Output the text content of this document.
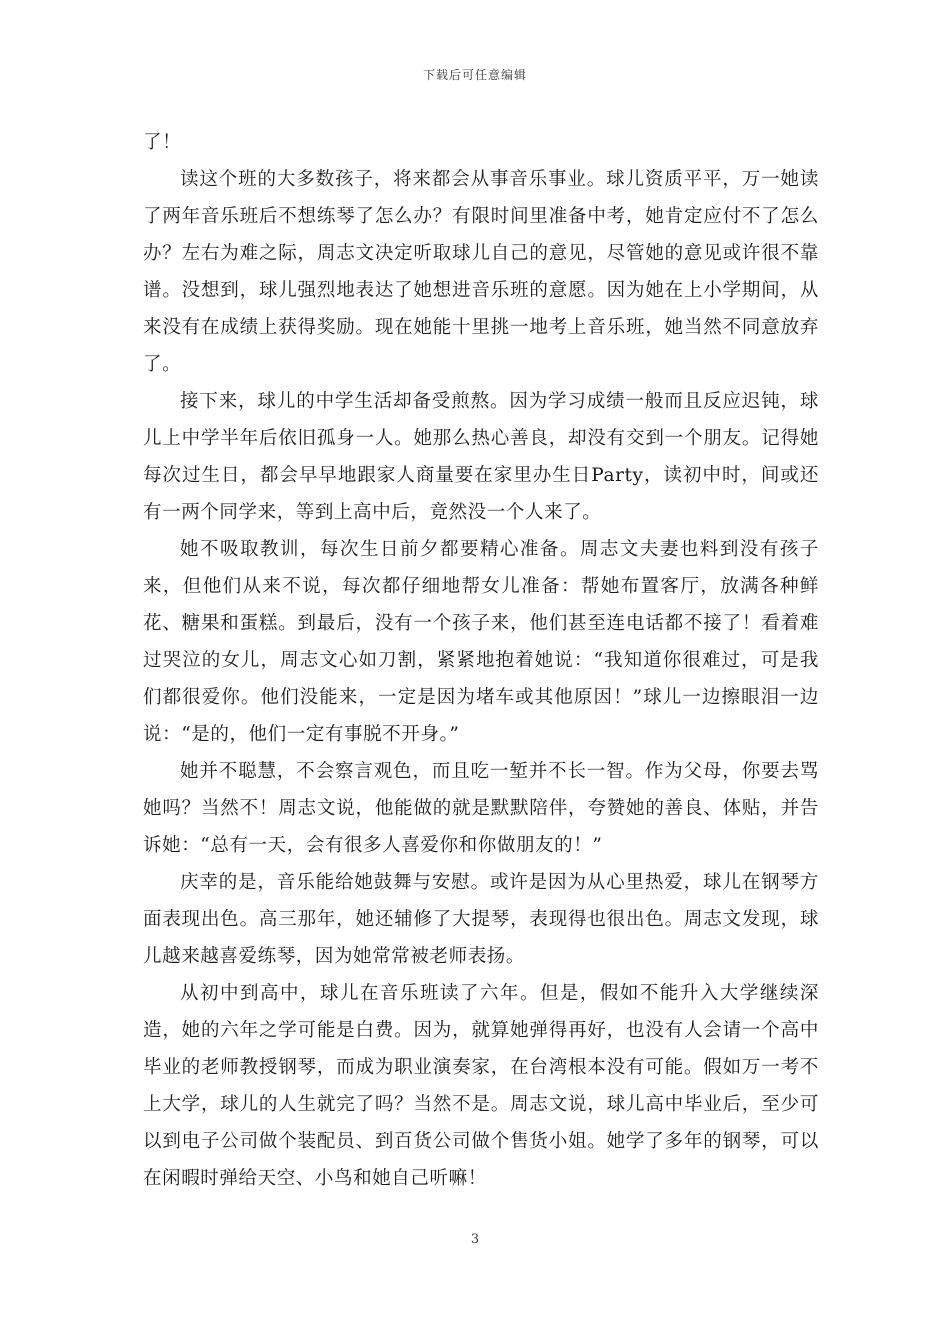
下载后可任意编辑

了！

读这个班的大多数孩子，将来都会从事音乐事业。球儿资质平平，万一她读了两年音乐班后不想练琴了怎么办？有限时间里准备中考，她肯定应付不了怎么办？左右为难之际，周志文决定听取球儿自己的意见，尽管她的意见或许很不靠谱。没想到，球儿强烈地表达了她想进音乐班的意愿。因为她在上小学期间，从来没有在成绩上获得奖励。现在她能十里挑一地考上音乐班，她当然不同意放弃了。

接下来，球儿的中学生活却备受煎熬。因为学习成绩一般而且反应迟钝，球儿上中学半年后依旧孤身一人。她那么热心善良，却没有交到一个朋友。记得她每次过生日，都会早早地跟家人商量要在家里办生日Party，读初中时，间或还有一两个同学来，等到上高中后，竟然没一个人来了。

她不吸取教训，每次生日前夕都要精心准备。周志文夫妻也料到没有孩子来，但他们从来不说，每次都仔细地帮女儿准备：帮她布置客厅，放满各种鲜花、糖果和蛋糕。到最后，没有一个孩子来，他们甚至连电话都不接了！看着难过哭泣的女儿，周志文心如刀割，紧紧地抱着她说：“我知道你很难过，可是我们都很爱你。他们没能来，一定是因为堵车或其他原因！”球儿一边擦眼泪一边说：“是的，他们一定有事脱不开身。”

她并不聪慧，不会察言观色，而且吃一堑并不长一智。作为父母，你要去骂她吗？当然不！周志文说，他能做的就是默默陪伴，夸赞她的善良、体贴，并告诉她：“总有一天，会有很多人喜爱你和你做朋友的！”

庆幸的是，音乐能给她鼓舞与安慰。或许是因为从心里热爱，球儿在钢琴方面表现出色。高三那年，她还辅修了大提琴，表现得也很出色。周志文发现，球儿越来越喜爱练琴，因为她常常被老师表扬。

从初中到高中，球儿在音乐班读了六年。但是，假如不能升入大学继续深造，她的六年之学可能是白费。因为，就算她弹得再好，也没有人会请一个高中毕业的老师教授钢琴，而成为职业演奏家，在台湾根本没有可能。假如万一考不上大学，球儿的人生就完了吗？当然不是。周志文说，球儿高中毕业后，至少可以到电子公司做个装配员、到百货公司做个售货小姐。她学了多年的钢琴，可以在闲暇时弹给天空、小鸟和她自己听嘛！

3
